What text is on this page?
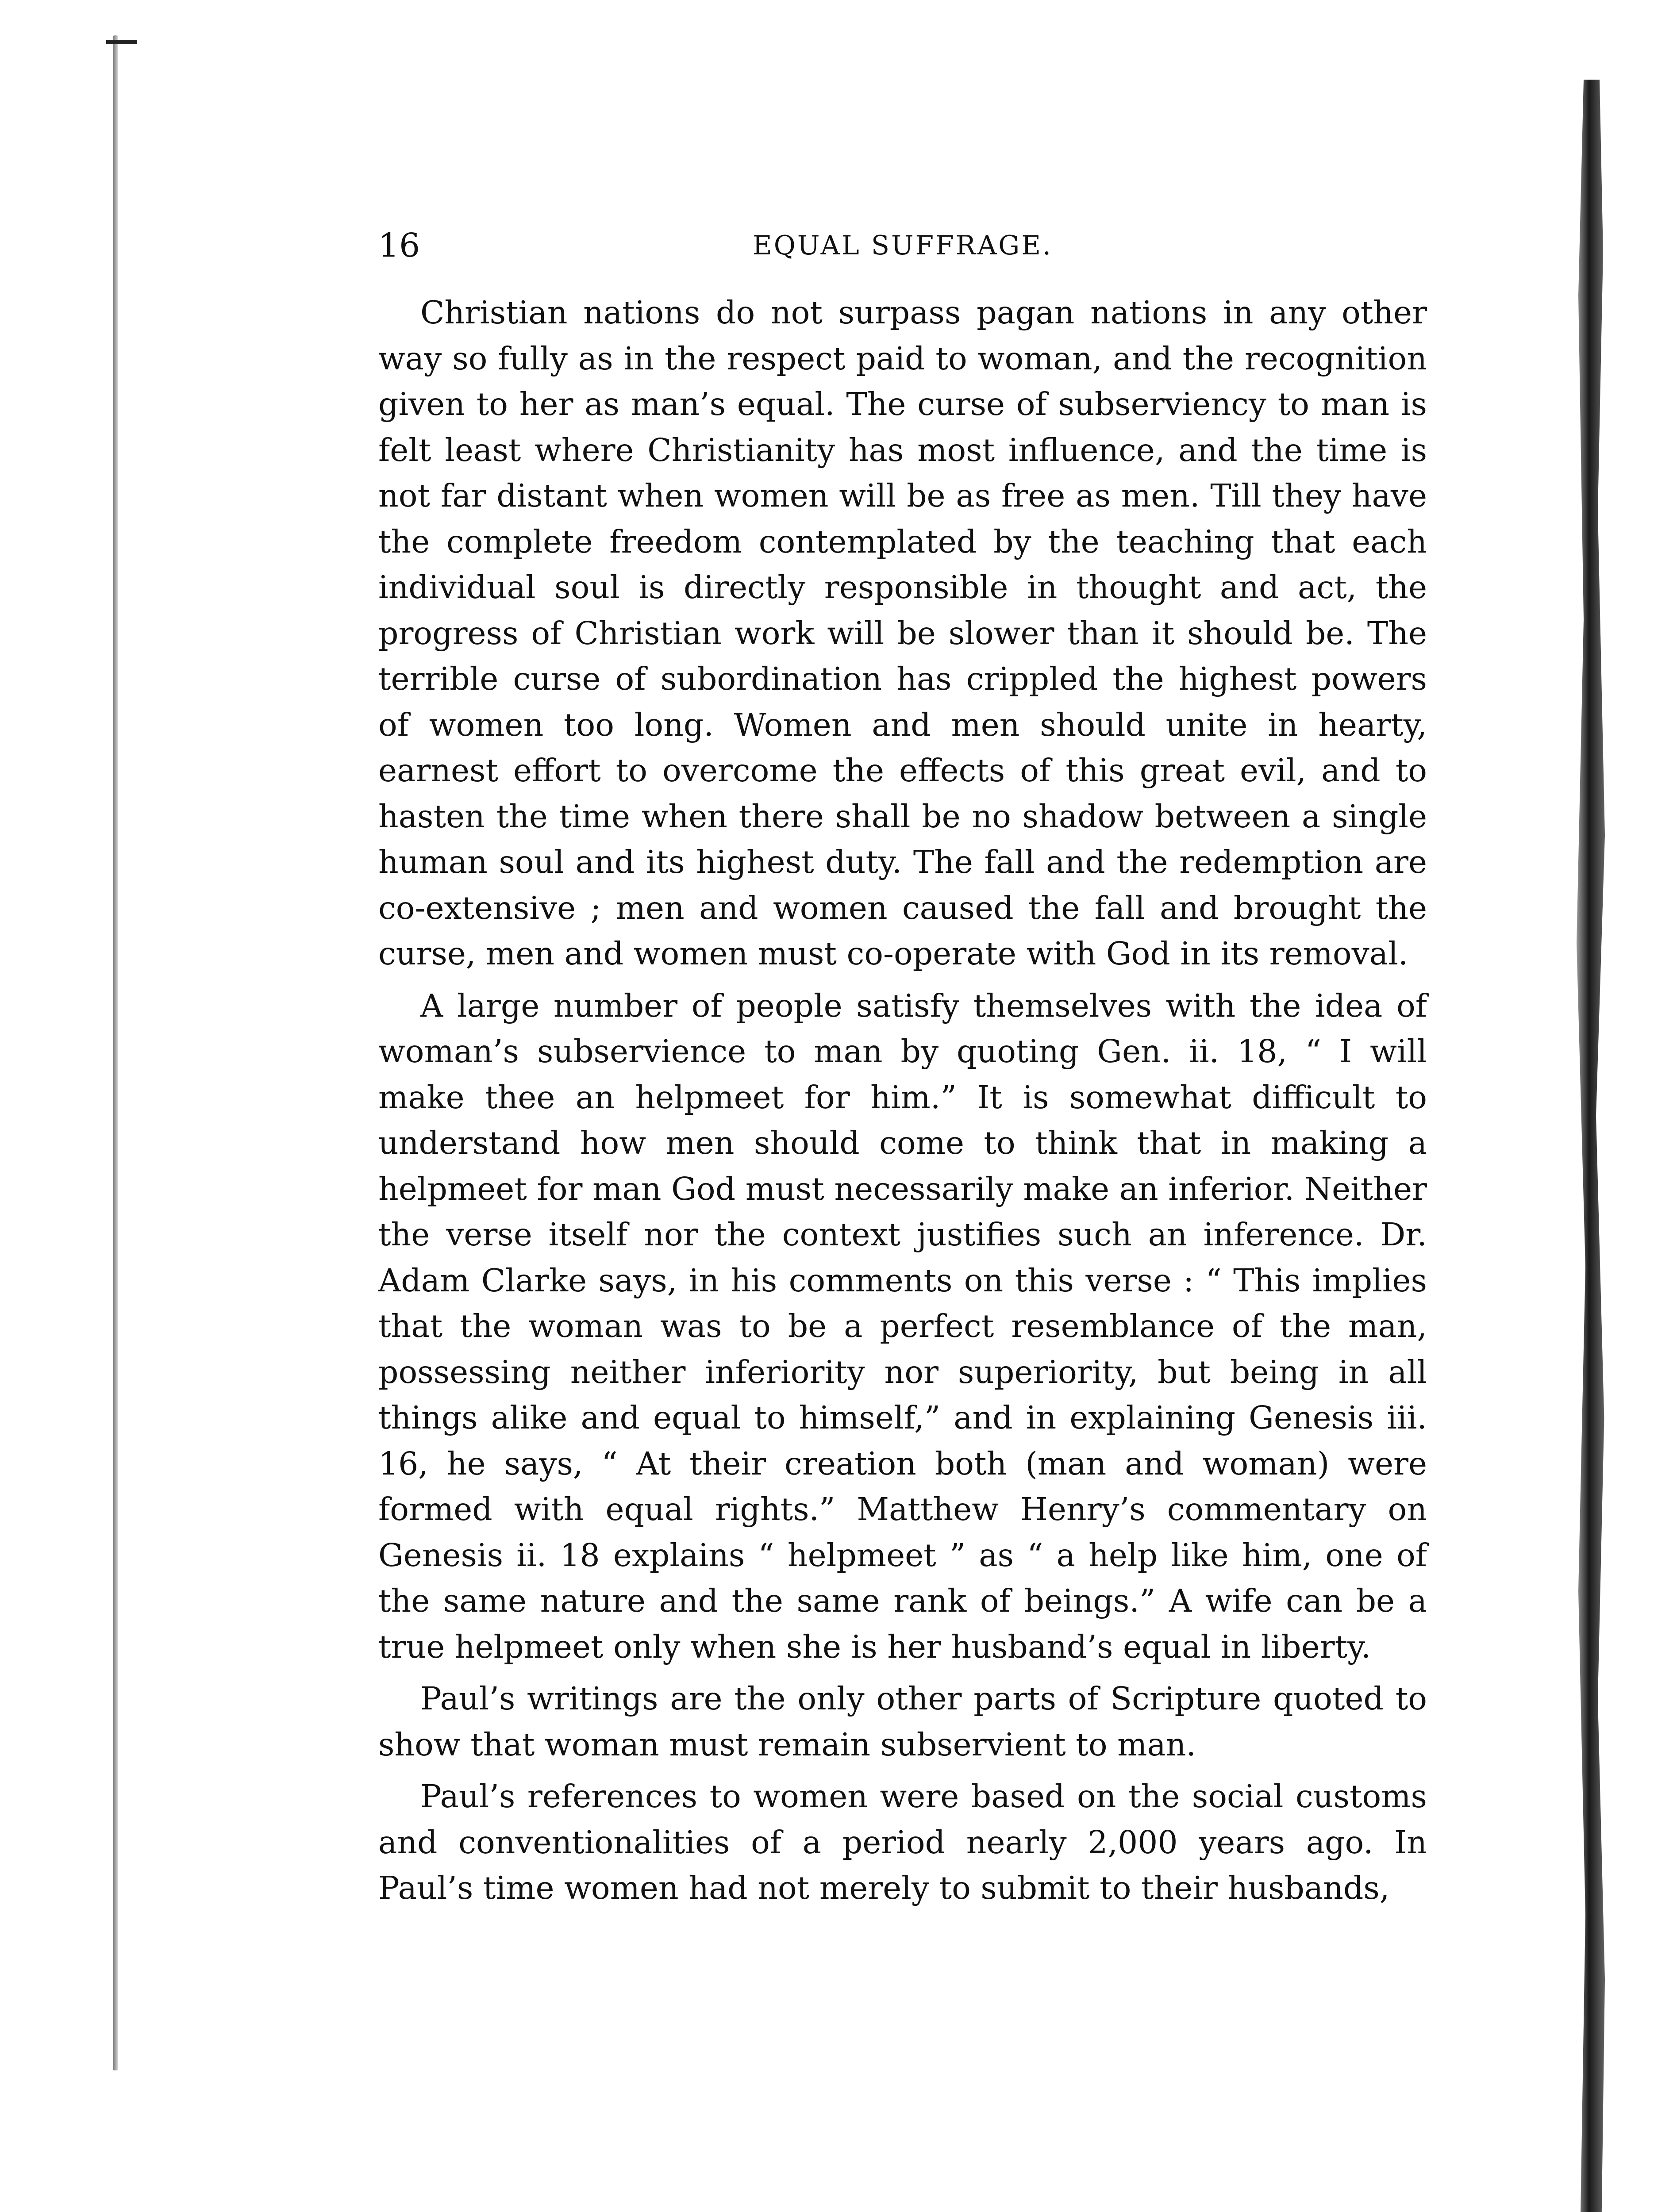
16	EQUAL SUFFRAGE.

Christian nations do not surpass pagan nations in any other way so fully as in the respect paid to woman, and the recognition given to her as man’s equal. The curse of subserviency to man is felt least where Christianity has most influence, and the time is not far distant when women will be as free as men. Till they have the complete freedom contemplated by the teaching that each individual soul is directly responsible in thought and act, the progress of Christian work will be slower than it should be. The terrible curse of subordination has crippled the highest powers of women too long. Women and men should unite in hearty, earnest effort to overcome the effects of this great evil, and to hasten the time when there shall be no shadow between a single human soul and its highest duty. The fall and the redemption are co-extensive ; men and women caused the fall and brought the curse, men and women must co-operate with God in its removal.

A large number of people satisfy themselves with the idea of woman’s subservience to man by quoting Gen. ii. 18, “ I will make thee an helpmeet for him.” It is somewhat difficult to understand how men should come to think that in making a helpmeet for man God must necessarily make an inferior. Neither the verse itself nor the context justifies such an inference. Dr. Adam Clarke says, in his comments on this verse : “ This implies that the woman was to be a perfect resemblance of the man, possessing neither inferiority nor superiority, but being in all things alike and equal to himself,” and in explaining Genesis iii. 16, he says, “ At their creation both (man and woman) were formed with equal rights.” Matthew Henry’s commentary on Genesis ii. 18 explains “ helpmeet ” as “ a help like him, one of the same nature and the same rank of beings.” A wife can be a true helpmeet only when she is her husband’s equal in liberty.

Paul’s writings are the only other parts of Scripture quoted to show that woman must remain subservient to man.

Paul’s references to women were based on the social customs and conventionalities of a period nearly 2,000 years ago. In Paul’s time women had not merely to submit to their husbands,
